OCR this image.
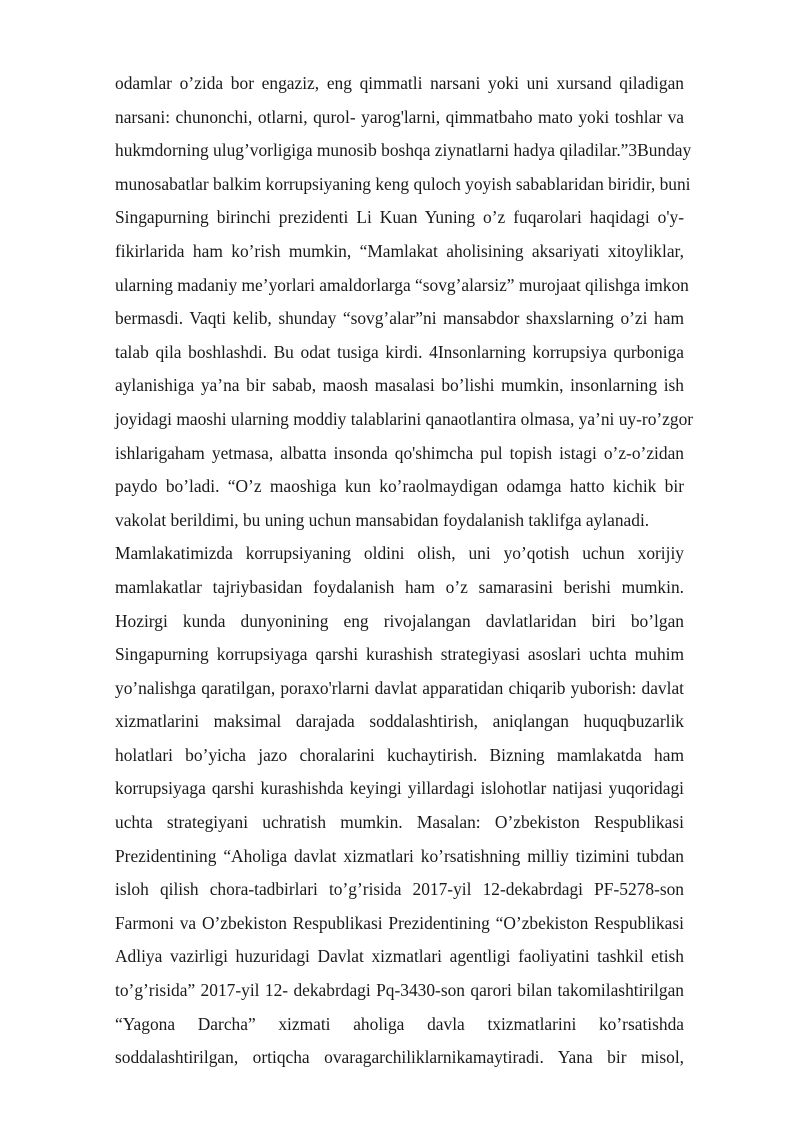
odamlar o’zida bor engaziz, eng qimmatli narsani yoki uni xursand qiladigan
narsani: chunonchi, otlarni, qurol- yarog'larni, qimmatbaho mato yoki toshlar va
hukmdorning ulug’vorligiga munosib boshqa ziynatlarni hadya qiladilar.”3Bunday
munosabatlar balkim korrupsiyaning keng quloch yoyish sabablaridan biridir, buni
Singapurning birinchi prezidenti Li Kuan Yuning o’z fuqarolari haqidagi o'y-
fikirlarida ham ko’rish mumkin, “Mamlakat aholisining aksariyati xitoyliklar,
ularning madaniy me’yorlari amaldorlarga “sovg’alarsiz” murojaat qilishga imkon
bermasdi. Vaqti kelib, shunday “sovg’alar”ni mansabdor shaxslarning o’zi ham
talab qila boshlashdi. Bu odat tusiga kirdi. 4Insonlarning korrupsiya qurboniga
aylanishiga ya’na bir sabab, maosh masalasi bo’lishi mumkin, insonlarning ish
joyidagi maoshi ularning moddiy talablarini qanaotlantira olmasa, ya’ni uy-ro’zgor
ishlarigaham yetmasa, albatta insonda qo'shimcha pul topish istagi o’z-o’zidan
paydo bo’ladi. “O’z maoshiga kun ko’raolmaydigan odamga hatto kichik bir
vakolat berildimi, bu uning uchun mansabidan foydalanish taklifga aylanadi.
Mamlakatimizda korrupsiyaning oldini olish, uni yo’qotish uchun xorijiy
mamlakatlar tajriybasidan foydalanish ham o’z samarasini berishi mumkin.
Hozirgi kunda dunyonining eng rivojalangan davlatlaridan biri bo’lgan
Singapurning korrupsiyaga qarshi kurashish strategiyasi asoslari uchta muhim
yo’nalishga qaratilgan, poraxo'rlarni davlat apparatidan chiqarib yuborish: davlat
xizmatlarini maksimal darajada soddalashtirish, aniqlangan huquqbuzarlik
holatlari bo’yicha jazo choralarini kuchaytirish. Bizning mamlakatda ham
korrupsiyaga qarshi kurashishda keyingi yillardagi islohotlar natijasi yuqoridagi
uchta strategiyani uchratish mumkin. Masalan: O’zbekiston Respublikasi
Prezidentining “Aholiga davlat xizmatlari ko’rsatishning milliy tizimini tubdan
isloh qilish chora-tadbirlari to’g’risida 2017-yil 12-dekabrdagi PF-5278-son
Farmoni va O’zbekiston Respublikasi Prezidentining “O’zbekiston Respublikasi
Adliya vazirligi huzuridagi Davlat xizmatlari agentligi faoliyatini tashkil etish
to’g’risida” 2017-yil 12- dekabrdagi Pq-3430-son qarori bilan takomilashtirilgan
“Yagona Darcha” xizmati aholiga davla txizmatlarini ko’rsatishda
soddalashtirilgan, ortiqcha ovaragarchiliklarnikamaytiradi. Yana bir misol,
